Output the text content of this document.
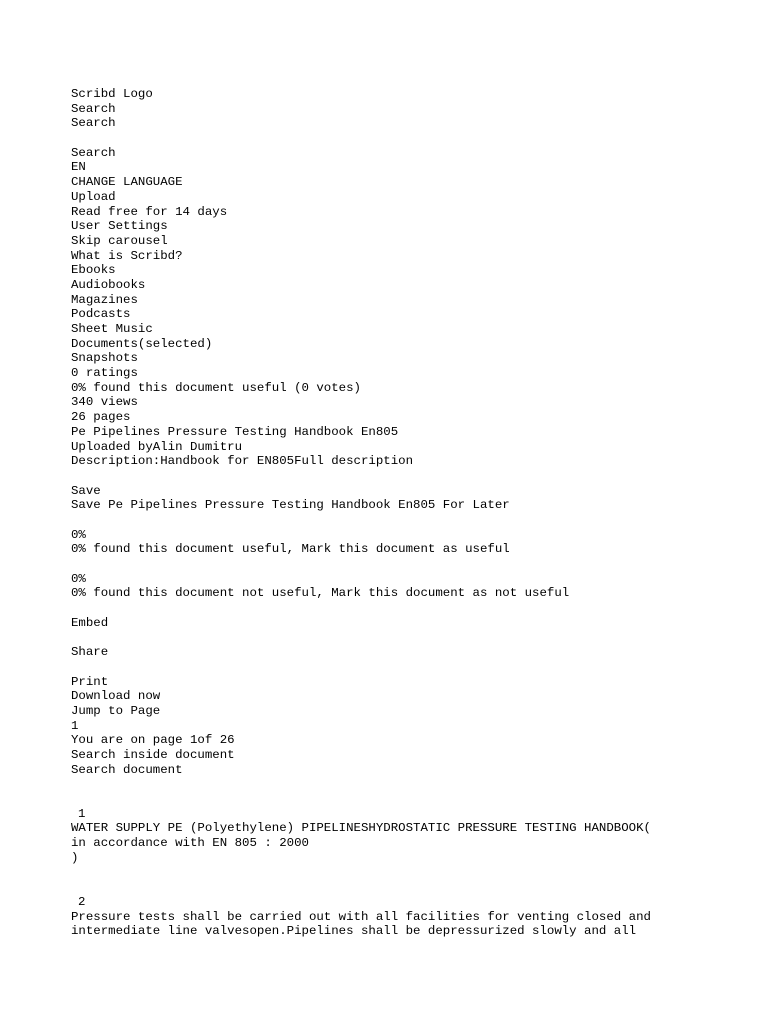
Scribd Logo
Search
Search
Search
EN
CHANGE LANGUAGE
Upload
Read free for 14 days
User Settings
Skip carousel
What is Scribd?
Ebooks
Audiobooks
Magazines
Podcasts
Sheet Music
Documents(selected)
Snapshots
0 ratings
0% found this document useful (0 votes)
340 views
26 pages
Pe Pipelines Pressure Testing Handbook En805
Uploaded byAlin Dumitru
Description:Handbook for EN805Full description
Save
Save Pe Pipelines Pressure Testing Handbook En805 For Later
0%
0% found this document useful, Mark this document as useful
0%
0% found this document not useful, Mark this document as not useful
Embed
Share
Print
Download now
Jump to Page
1
You are on page 1of 26
Search inside document
Search document
1
WATER SUPPLY PE (Polyethylene) PIPELINESHYDROSTATIC PRESSURE TESTING HANDBOOK(
in accordance with EN 805 : 2000
)
2
Pressure tests shall be carried out with all facilities for venting closed and
intermediate line valvesopen.Pipelines shall be depressurized slowly and all
